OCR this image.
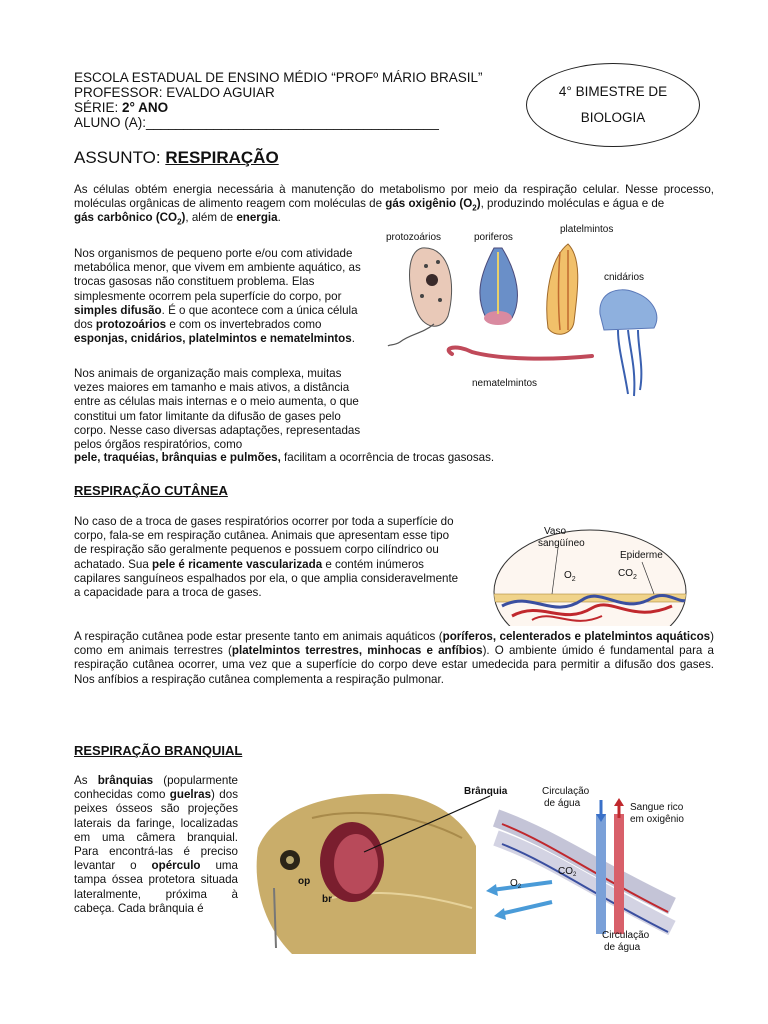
ESCOLA ESTADUAL DE ENSINO MÉDIO “PROFº MÁRIO BRASIL”
PROFESSOR: EVALDO AGUIAR
SÉRIE: 2° ANO
ALUNO (A):_______________________________________
4° BIMESTRE DE
BIOLOGIA
ASSUNTO: RESPIRAÇÃO
As células obtém energia necessária à manutenção do metabolismo por meio da respiração celular. Nesse processo, moléculas orgânicas de alimento reagem com moléculas de gás oxigênio $(O_2)$, produzindo moléculas e água e de
gás carbônico $(CO_2)$, além de energia.
Nos organismos de pequeno porte e/ou com atividade metabólica menor, que vivem em ambiente aquático, as trocas gasosas não constituem problema. Elas simplesmente ocorrem pela superfície do corpo, por simples difusão. É o que acontece com a única célula dos protozoários e com os invertebrados como esponjas, cnidários, platelmintos e nematelmintos.
Nos animais de organização mais complexa, muitas vezes maiores em tamanho e mais ativos, a distância entre as células mais internas e o meio aumenta, o que constitui um fator limitante da difusão de gases pelo corpo. Nesse caso diversas adaptações, representadas pelos órgãos respiratórios, como
pele, traquéias, brânquias e pulmões, facilitam a ocorrência de trocas gasosas.
protozoários	poriferos
platelmintos
cnidários
nematelmintos
RESPIRAÇÃO CUTÂNEA
No caso de a troca de gases respiratórios ocorrer por toda a superfície do corpo, fala-se em respiração cutânea. Animais que apresentam esse tipo de respiração são geralmente pequenos e possuem corpo cilíndrico ou achatado. Sua pele é ricamente vascularizada e contém inúmeros capilares sanguíneos espalhados por ela, o que amplia consideravelmente a capacidade para a troca de gases.
A respiração cutânea pode estar presente tanto em animais aquáticos (poríferos, celenterados e platelmintos aquáticos) como em animais terrestres (platelmintos terrestres, minhocas e anfíbios). O ambiente úmido é fundamental para a respiração cutânea ocorrer, uma vez que a superfície do corpo deve estar umedecida para permitir a difusão dos gases. Nos anfíbios a respiração cutânea complementa a respiração pulmonar.
Vaso
sangüíneo
Epiderme
$O_2$
$CO_2$
RESPIRAÇÃO BRANQUIAL
As brânquias (popularmente conhecidas como guelras) dos peixes ósseos são projeções laterais da faringe, localizadas em uma câmera branquial. Para encontrá-las é preciso levantar o opérculo uma tampa óssea protetora situada lateralmente, próxima à cabeça. Cada brânquia é
op
br
Brânquia	Circulação
de água	Sangue rico
em oxigênio
$CO_2$
$O_2$
Circulação
de água
